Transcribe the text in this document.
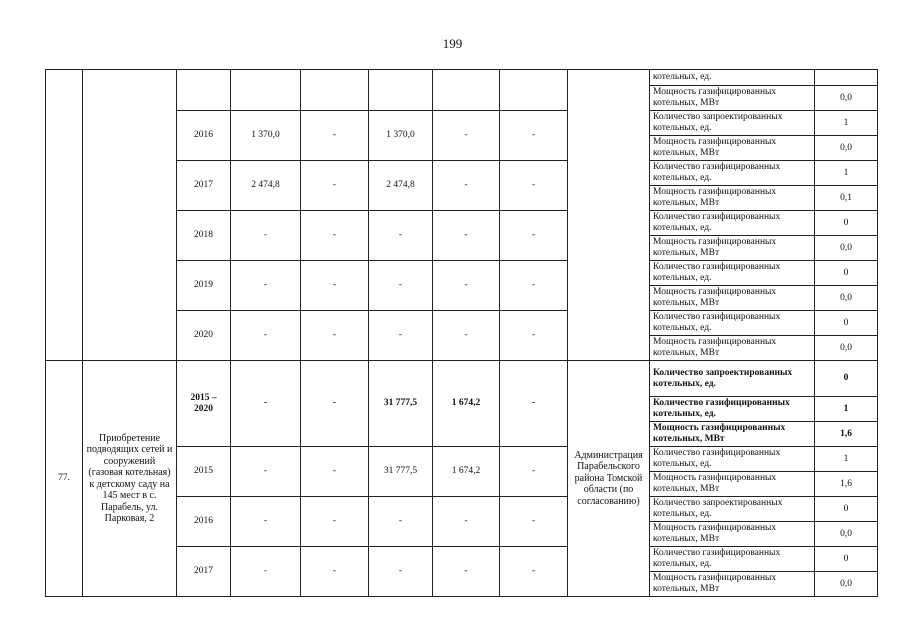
199
									котельных, ед.	
									Мощность газифицированных котельных, МВт	0,0

		2016	1 370,0	-	1 370,0	-	-		Количество запроектированных котельных, ед.	1
									Мощность газифицированных котельных, МВт	0,0
		2017	2 474,8	-	2 474,8	-	-		Количество газифицированных котельных, ед.	1
									Мощность газифицированных котельных, МВт	0,1
		2018	-	-	-	-	-		Количество газифицированных котельных, ед.	0
									Мощность газифицированных котельных, МВт	0,0
		2019	-	-	-	-	-		Количество газифицированных котельных, ед.	0
									Мощность газифицированных котельных, МВт	0,0
		2020	-	-	-	-	-		Количество газифицированных котельных, ед.	0
									Мощность газифицированных котельных, МВт	0,0
77.	Приобретение подводящих сетей и сооружений (газовая котельная) к детскому саду на 145 мест в с. Парабель, ул. Парковая, 2	2015 – 2020	-	-	31 777,5	1 674,2	-	Администрация Парабельского района Томской области (по согласованию)	Количество запроектированных котельных, ед.	0
									Количество газифицированных котельных, ед.	1
									Мощность газифицированных котельных, МВт	1,6
		2015	-	-	31 777,5	1 674,2	-		Количество газифицированных котельных, ед.	1
									Мощность газифицированных котельных, МВт	1,6
		2016	-	-	-	-	-		Количество запроектированных котельных, ед.	0
									Мощность газифицированных котельных, МВт	0,0
		2017	-	-	-	-	-		Количество газифицированных котельных, ед.	0
									Мощность газифицированных котельных, МВт	0,0
